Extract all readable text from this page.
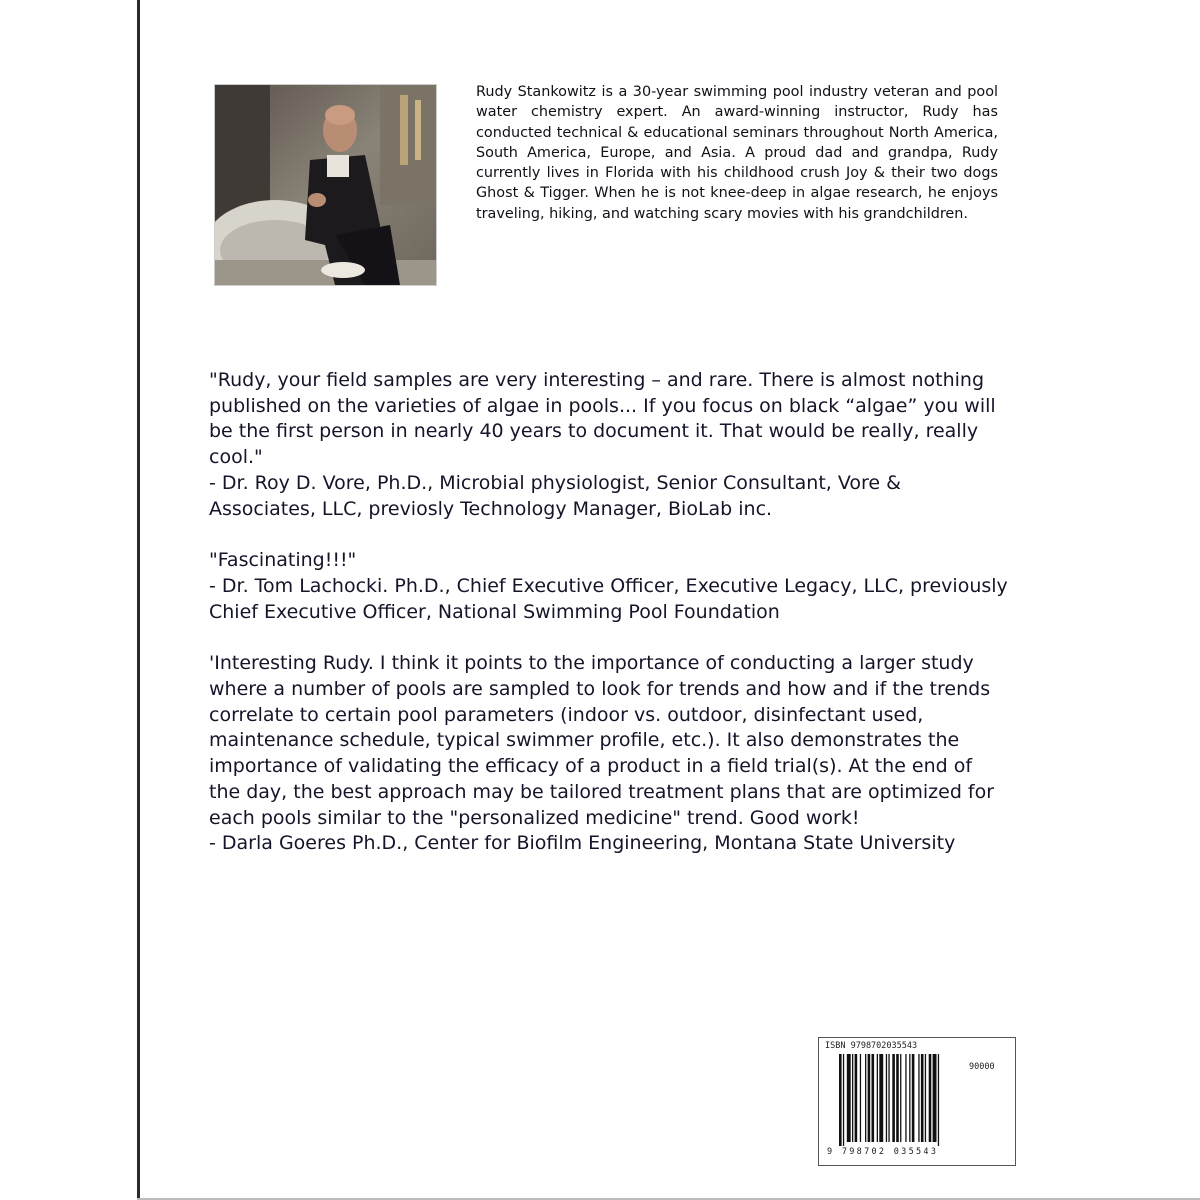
Rudy Stankowitz is a 30-year swimming pool industry veteran and pool water chemistry expert. An award-winning instructor, Rudy has conducted technical & educational seminars throughout North America, South America, Europe, and Asia. A proud dad and grandpa, Rudy currently lives in Florida with his childhood crush Joy & their two dogs Ghost & Tigger. When he is not knee-deep in algae research, he enjoys traveling, hiking, and watching scary movies with his grandchildren.

"Rudy, your field samples are very interesting – and rare. There is almost nothing published on the varieties of algae in pools... If you focus on black “algae” you will be the first person in nearly 40 years to document it. That would be really, really cool."

- Dr. Roy D. Vore, Ph.D., Microbial physiologist, Senior Consultant, Vore & Associates, LLC, previosly Technology Manager, BioLab inc.

"Fascinating!!!"

- Dr. Tom Lachocki. Ph.D., Chief Executive Officer, Executive Legacy, LLC, previously Chief Executive Officer, National Swimming Pool Foundation

'Interesting Rudy. I think it points to the importance of conducting a larger study where a number of pools are sampled to look for trends and how and if the trends correlate to certain pool parameters (indoor vs. outdoor, disinfectant used, maintenance schedule, typical swimmer profile, etc.). It also demonstrates the importance of validating the efficacy of a product in a field trial(s). At the end of the day, the best approach may be tailored treatment plans that are optimized for each pools similar to the "personalized medicine" trend. Good work!

- Darla Goeres Ph.D., Center for Biofilm Engineering, Montana State University

ISBN 9798702035543
90000
9 798702 035543
